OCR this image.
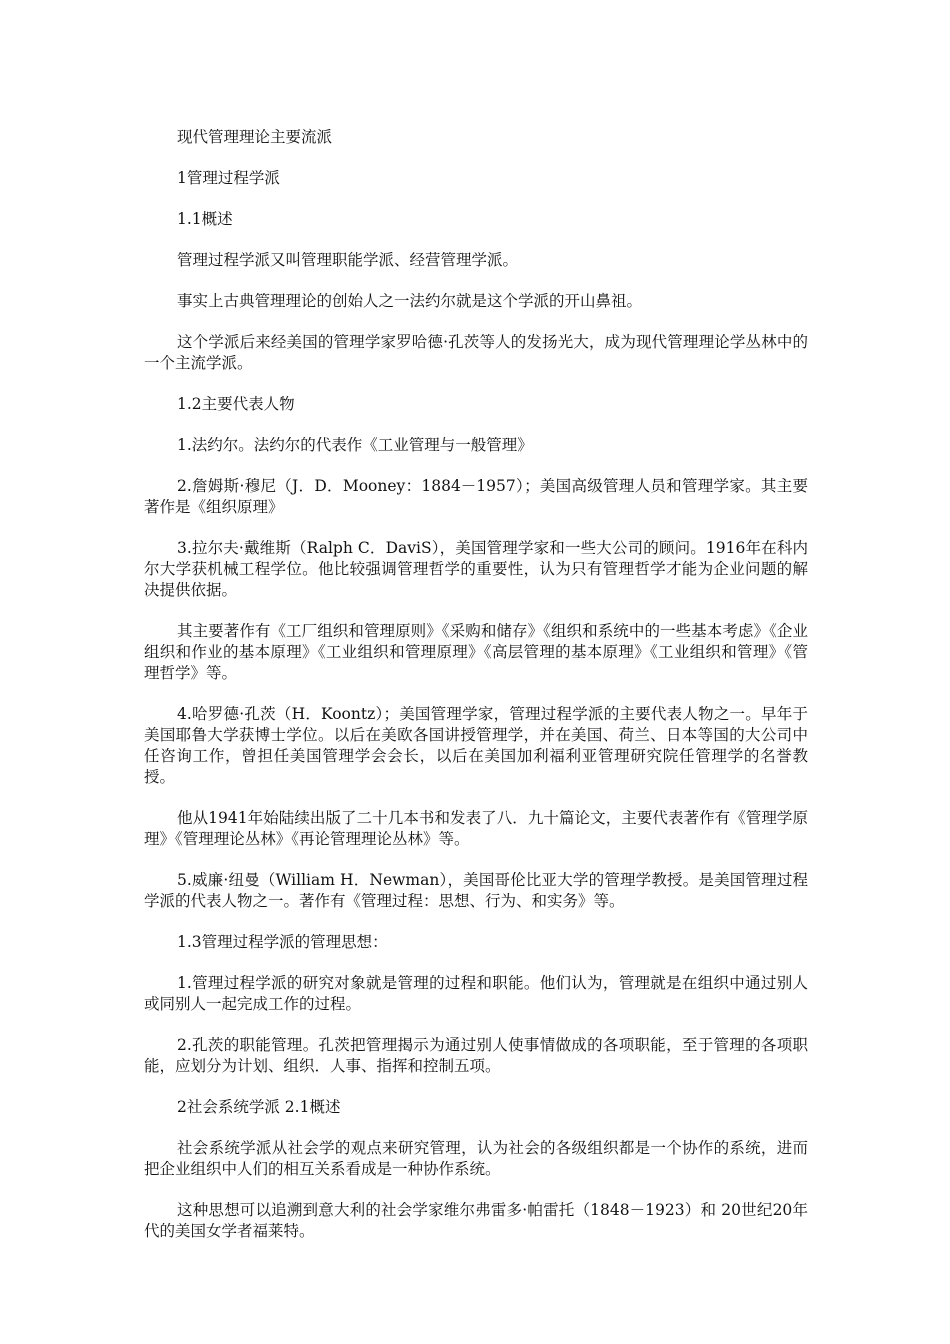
现代管理理论主要流派

1管理过程学派

1.1概述

管理过程学派又叫管理职能学派、经营管理学派。

事实上古典管理理论的创始人之一法约尔就是这个学派的开山鼻祖。

这个学派后来经美国的管理学家罗哈德·孔茨等人的发扬光大，成为现代管理理论学丛林中的一个主流学派。

1.2主要代表人物

1.法约尔。法约尔的代表作《工业管理与一般管理》

2.詹姆斯·穆尼（J．D．Mooney：1884－1957）；美国高级管理人员和管理学家。其主要著作是《组织原理》

3.拉尔夫·戴维斯（Ralph C．DaviS），美国管理学家和一些大公司的顾问。1916年在科内尔大学获机械工程学位。他比较强调管理哲学的重要性，认为只有管理哲学才能为企业问题的解决提供依据。

其主要著作有《工厂组织和管理原则》《采购和储存》《组织和系统中的一些基本考虑》《企业组织和作业的基本原理》《工业组织和管理原理》《高层管理的基本原理》《工业组织和管理》《管理哲学》等。

4.哈罗德·孔茨（H．Koontz）；美国管理学家，管理过程学派的主要代表人物之一。早年于美国耶鲁大学获博士学位。以后在美欧各国讲授管理学，并在美国、荷兰、日本等国的大公司中任咨询工作，曾担任美国管理学会会长，以后在美国加利福利亚管理研究院任管理学的名誉教授。

他从1941年始陆续出版了二十几本书和发表了八．九十篇论文，主要代表著作有《管理学原理》《管理理论丛林》《再论管理理论丛林》等。

5.威廉·纽曼（William H．Newman），美国哥伦比亚大学的管理学教授。是美国管理过程学派的代表人物之一。著作有《管理过程：思想、行为、和实务》等。

1.3管理过程学派的管理思想：

1.管理过程学派的研究对象就是管理的过程和职能。他们认为，管理就是在组织中通过别人或同别人一起完成工作的过程。

2.孔茨的职能管理。孔茨把管理揭示为通过别人使事情做成的各项职能，至于管理的各项职能，应划分为计划、组织．人事、指挥和控制五项。

2社会系统学派 2.1概述

社会系统学派从社会学的观点来研究管理，认为社会的各级组织都是一个协作的系统，进而把企业组织中人们的相互关系看成是一种协作系统。

这种思想可以追溯到意大利的社会学家维尔弗雷多·帕雷托（1848－1923）和 20世纪20年代的美国女学者福莱特。
